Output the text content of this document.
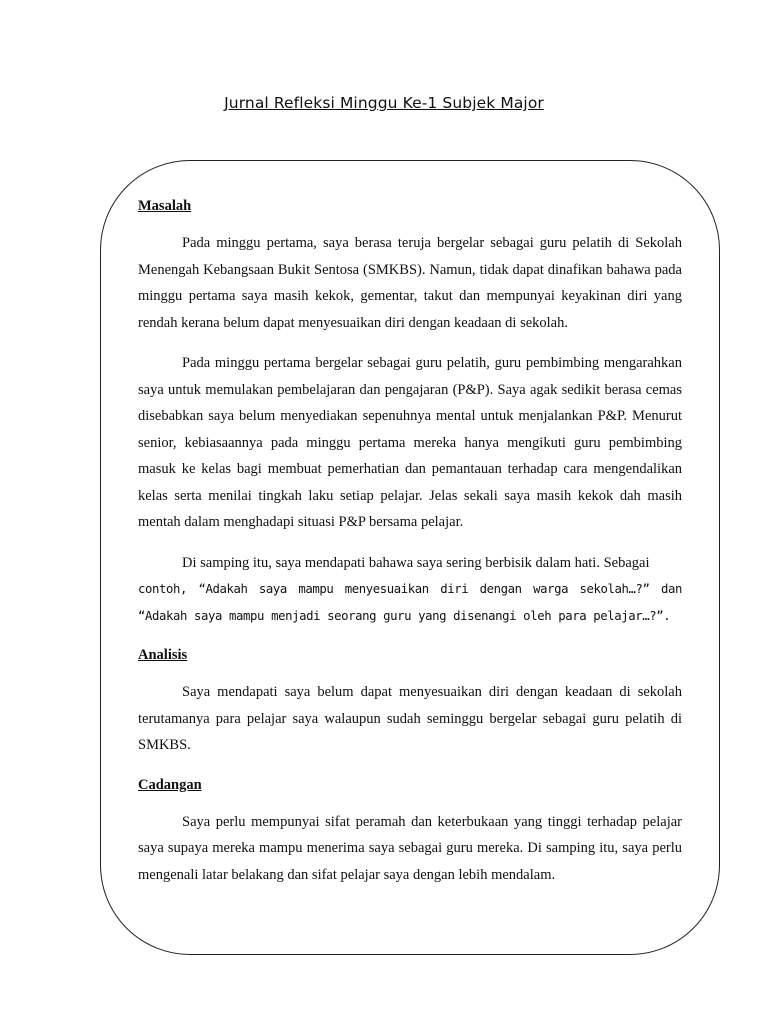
Jurnal Refleksi Minggu Ke-1 Subjek Major
Masalah

Pada minggu pertama, saya berasa teruja bergelar sebagai guru pelatih di Sekolah Menengah Kebangsaan Bukit Sentosa (SMKBS). Namun, tidak dapat dinafikan bahawa pada minggu pertama saya masih kekok, gementar, takut dan mempunyai keyakinan diri yang rendah kerana belum dapat menyesuaikan diri dengan keadaan di sekolah.

Pada minggu pertama bergelar sebagai guru pelatih, guru pembimbing mengarahkan saya untuk memulakan pembelajaran dan pengajaran (P&P). Saya agak sedikit berasa cemas disebabkan saya belum menyediakan sepenuhnya mental untuk menjalankan P&P. Menurut senior, kebiasaannya pada minggu pertama mereka hanya mengikuti guru pembimbing masuk ke kelas bagi membuat pemerhatian dan pemantauan terhadap cara mengendalikan kelas serta menilai tingkah laku setiap pelajar. Jelas sekali saya masih kekok dah masih mentah dalam menghadapi situasi P&P bersama pelajar.

Di samping itu, saya mendapati bahawa saya sering berbisik dalam hati. Sebagai

contoh, “Adakah saya mampu menyesuaikan diri dengan warga sekolah…?” dan “Adakah saya mampu menjadi seorang guru yang disenangi oleh para pelajar…?”.

Analisis

Saya mendapati saya belum dapat menyesuaikan diri dengan keadaan di sekolah terutamanya para pelajar saya walaupun sudah seminggu bergelar sebagai guru pelatih di SMKBS.

Cadangan

Saya perlu mempunyai sifat peramah dan keterbukaan yang tinggi terhadap pelajar saya supaya mereka mampu menerima saya sebagai guru mereka. Di samping itu, saya perlu mengenali latar belakang dan sifat pelajar saya dengan lebih mendalam.
